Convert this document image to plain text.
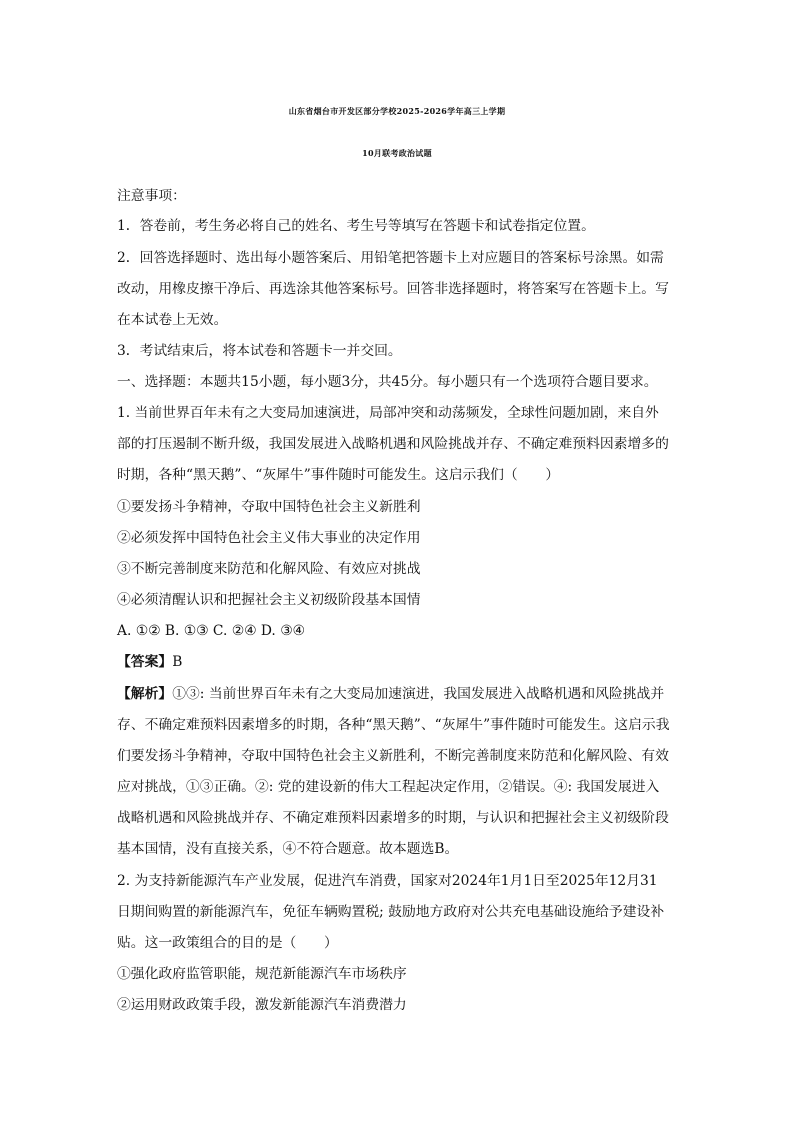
山东省烟台市开发区部分学校2025-2026学年高三上学期
10月联考政治试题
注意事项：
1．答卷前，考生务必将自己的姓名、考生号等填写在答题卡和试卷指定位置。
2．回答选择题时、选出每小题答案后、用铅笔把答题卡上对应题目的答案标号涂黑。如需
改动，用橡皮擦干净后、再选涂其他答案标号。回答非选择题时，将答案写在答题卡上。写
在本试卷上无效。
3．考试结束后，将本试卷和答题卡一并交回。
一、选择题：本题共15小题，每小题3分，共45分。每小题只有一个选项符合题目要求。
1. 当前世界百年未有之大变局加速演进，局部冲突和动荡频发，全球性问题加剧，来自外
部的打压遏制不断升级，我国发展进入战略机遇和风险挑战并存、不确定难预料因素增多的
时期，各种“黑天鹅”、“灰犀牛”事件随时可能发生。这启示我们（　　）
①要发扬斗争精神，夺取中国特色社会主义新胜利
②必须发挥中国特色社会主义伟大事业的决定作用
③不断完善制度来防范和化解风险、有效应对挑战
④必须清醒认识和把握社会主义初级阶段基本国情
A. ①② B. ①③ C. ②④ D. ③④
【答案】B
【解析】①③: 当前世界百年未有之大变局加速演进，我国发展进入战略机遇和风险挑战并
存、不确定难预料因素增多的时期，各种“黑天鹅”、“灰犀牛”事件随时可能发生。这启示我
们要发扬斗争精神，夺取中国特色社会主义新胜利，不断完善制度来防范和化解风险、有效
应对挑战，①③正确。②: 党的建设新的伟大工程起决定作用，②错误。④: 我国发展进入
战略机遇和风险挑战并存、不确定难预料因素增多的时期，与认识和把握社会主义初级阶段
基本国情，没有直接关系，④不符合题意。故本题选B。
2. 为支持新能源汽车产业发展，促进汽车消费，国家对2024年1月1日至2025年12月31
日期间购置的新能源汽车，免征车辆购置税; 鼓励地方政府对公共充电基础设施给予建设补
贴。这一政策组合的目的是（　　）
①强化政府监管职能，规范新能源汽车市场秩序
②运用财政政策手段，激发新能源汽车消费潜力
